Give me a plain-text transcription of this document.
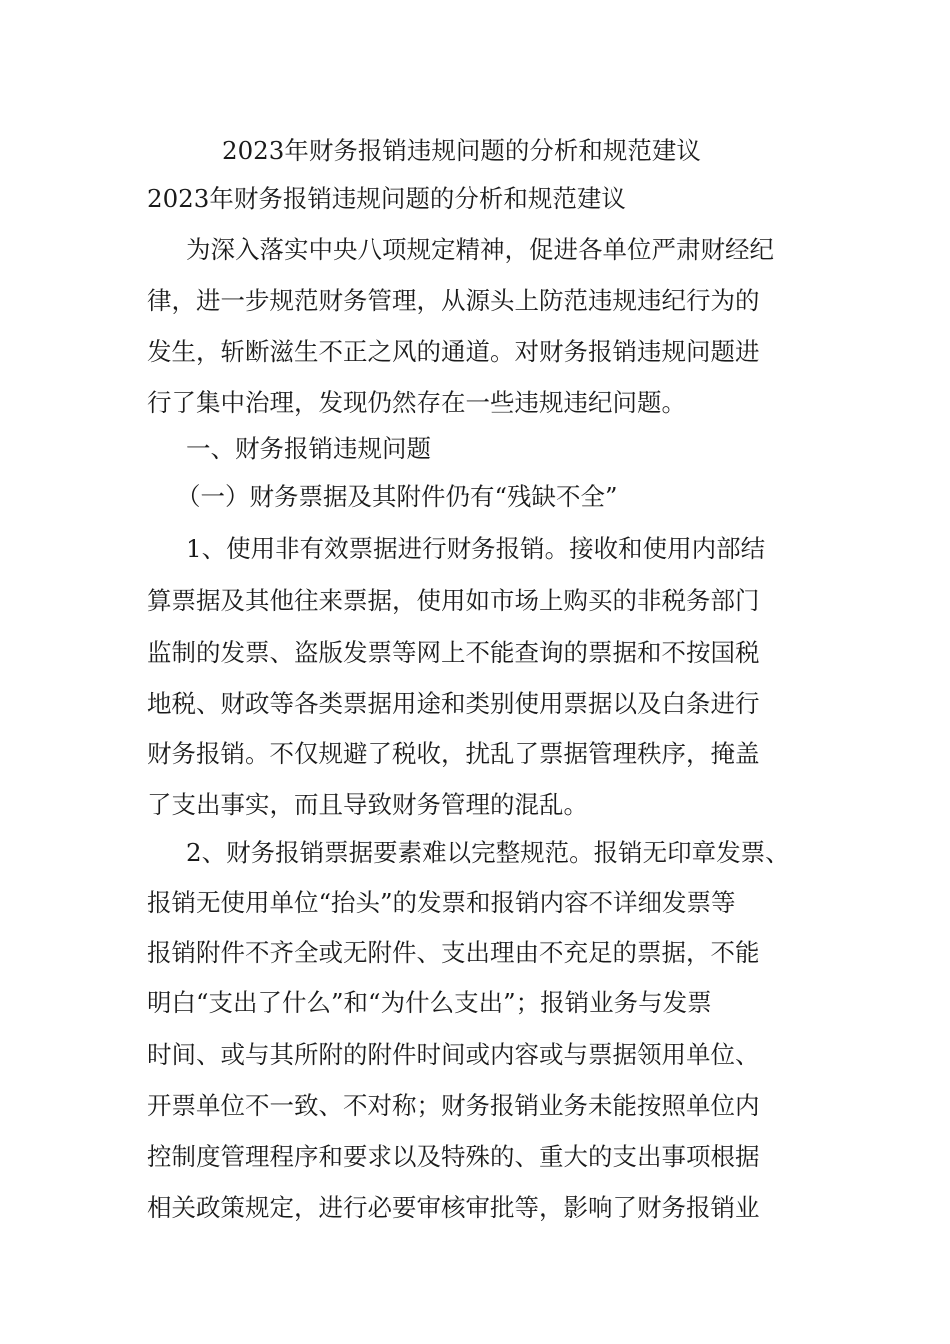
2023年财务报销违规问题的分析和规范建议
2023年财务报销违规问题的分析和规范建议
为深入落实中央八项规定精神，促进各单位严肃财经纪
律，进一步规范财务管理，从源头上防范违规违纪行为的
发生，斩断滋生不正之风的通道。对财务报销违规问题进
行了集中治理，发现仍然存在一些违规违纪问题。
一、财务报销违规问题
（一）财务票据及其附件仍有“残缺不全”
1、使用非有效票据进行财务报销。接收和使用内部结
算票据及其他往来票据，使用如市场上购买的非税务部门
监制的发票、盗版发票等网上不能查询的票据和不按国税
地税、财政等各类票据用途和类别使用票据以及白条进行
财务报销。不仅规避了税收，扰乱了票据管理秩序，掩盖
了支出事实，而且导致财务管理的混乱。
2、财务报销票据要素难以完整规范。报销无印章发票、
报销无使用单位“抬头”的发票和报销内容不详细发票等
报销附件不齐全或无附件、支出理由不充足的票据，不能
明白“支出了什么”和“为什么支出”；报销业务与发票
时间、或与其所附的附件时间或内容或与票据领用单位、
开票单位不一致、不对称；财务报销业务未能按照单位内
控制度管理程序和要求以及特殊的、重大的支出事项根据
相关政策规定，进行必要审核审批等，影响了财务报销业
